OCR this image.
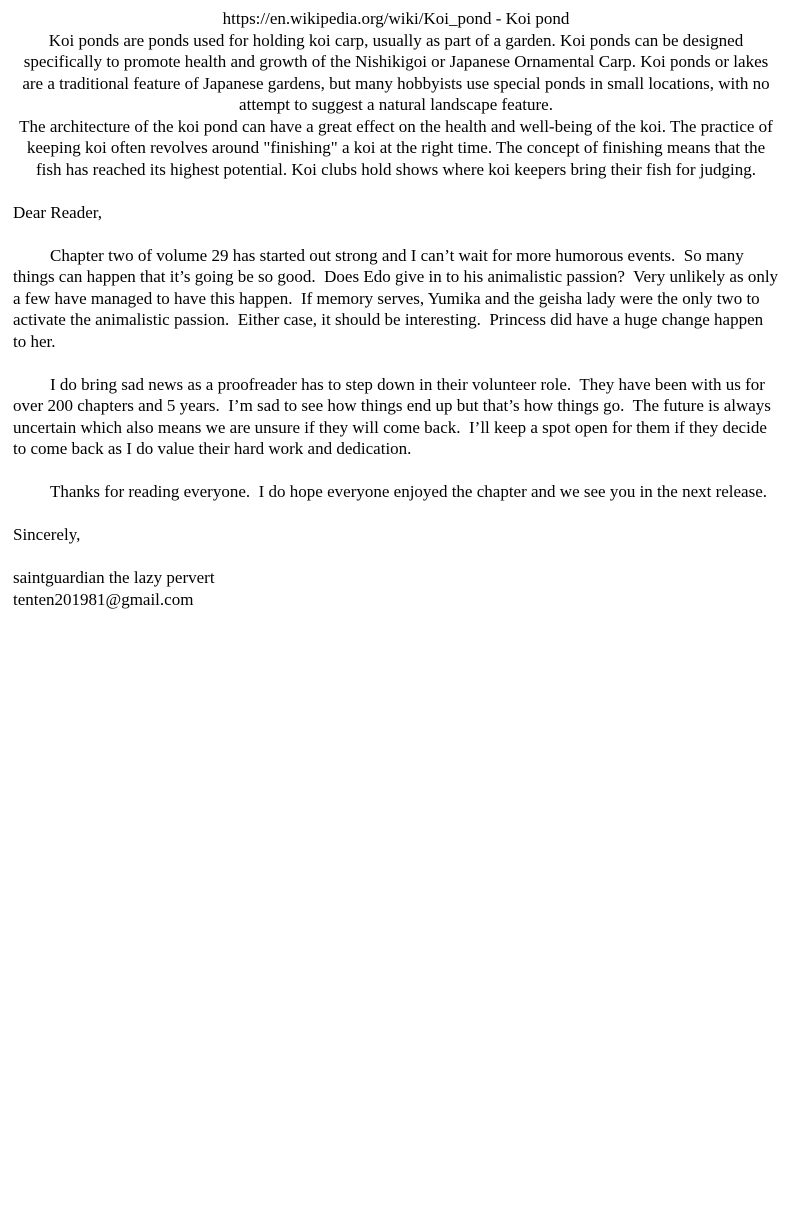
https://en.wikipedia.org/wiki/Koi_pond - Koi pond
Koi ponds are ponds used for holding koi carp, usually as part of a garden. Koi ponds can be designed specifically to promote health and growth of the Nishikigoi or Japanese Ornamental Carp. Koi ponds or lakes are a traditional feature of Japanese gardens, but many hobbyists use special ponds in small locations, with no attempt to suggest a natural landscape feature.
The architecture of the koi pond can have a great effect on the health and well-being of the koi. The practice of keeping koi often revolves around "finishing" a koi at the right time. The concept of finishing means that the fish has reached its highest potential. Koi clubs hold shows where koi keepers bring their fish for judging.
Dear Reader,
Chapter two of volume 29 has started out strong and I can’t wait for more humorous events.  So many things can happen that it’s going be so good.  Does Edo give in to his animalistic passion?  Very unlikely as only a few have managed to have this happen.  If memory serves, Yumika and the geisha lady were the only two to activate the animalistic passion.  Either case, it should be interesting.  Princess did have a huge change happen to her.
I do bring sad news as a proofreader has to step down in their volunteer role.  They have been with us for over 200 chapters and 5 years.  I’m sad to see how things end up but that’s how things go.  The future is always uncertain which also means we are unsure if they will come back.  I’ll keep a spot open for them if they decide to come back as I do value their hard work and dedication.
Thanks for reading everyone.  I do hope everyone enjoyed the chapter and we see you in the next release.
Sincerely,
saintguardian the lazy pervert
tenten201981@gmail.com
